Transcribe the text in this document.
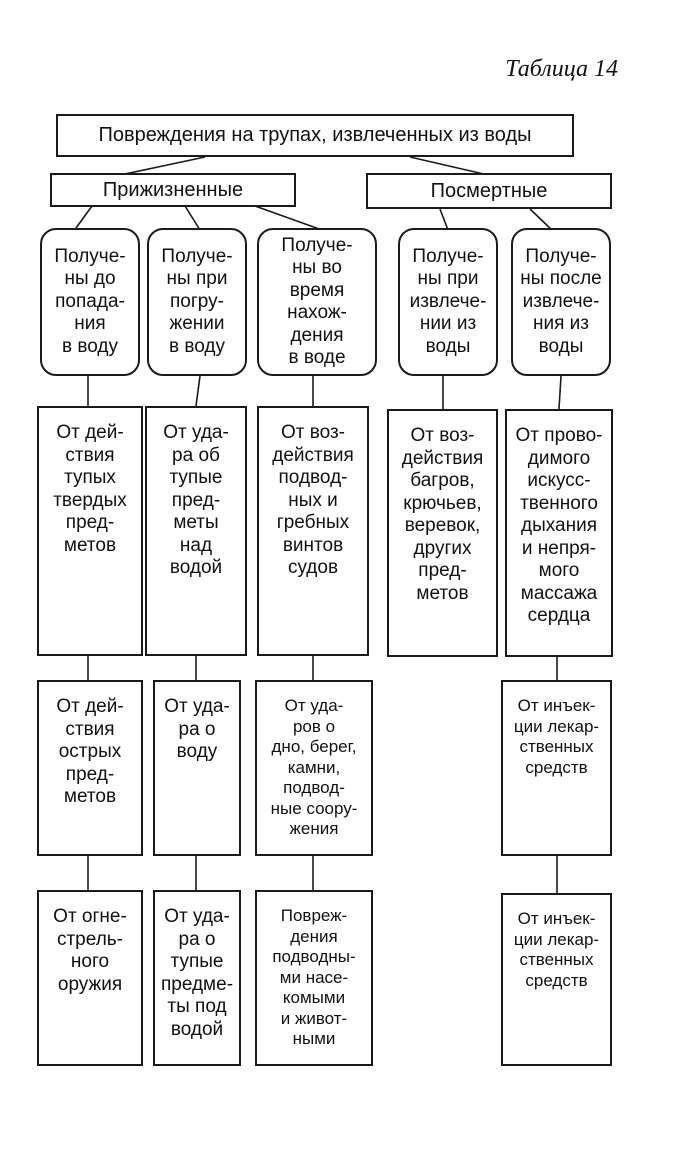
Таблица 14
Повреждения на трупах, извлеченных из воды
Прижизненные	Посмертные
Получе-
ны до
попада-
ния
в воду
Получе-
ны при
погру-
жении
в воду
Получе-
ны во
время
нахож-
дения
в воде
Получе-
ны при
извлече-
нии из
воды
Получе-
ны после
извлече-
ния из
воды
От дей-
ствия
тупых
твердых
пред-
метов
От уда-
ра об
тупые
пред-
меты
над
водой
От воз-
действия
подвод-
ных и
гребных
винтов
судов
От воз-
действия
багров,
крючьев,
веревок,
других
пред-
метов
От прово-
димого
искусс-
твенного
дыхания
и непря-
мого
массажа
сердца
От дей-
ствия
острых
пред-
метов
От уда-
ра о
воду
От уда-
ров о
дно, берег,
камни,
подвод-
ные соору-
жения
От инъек-
ции лекар-
ственных
средств
От огне-
стрель-
ного
оружия
От уда-
ра о
тупые
предме-
ты под
водой
Повреж-
дения
подводны-
ми насе-
комыми
и живот-
ными
От инъек-
ции лекар-
ственных
средств
